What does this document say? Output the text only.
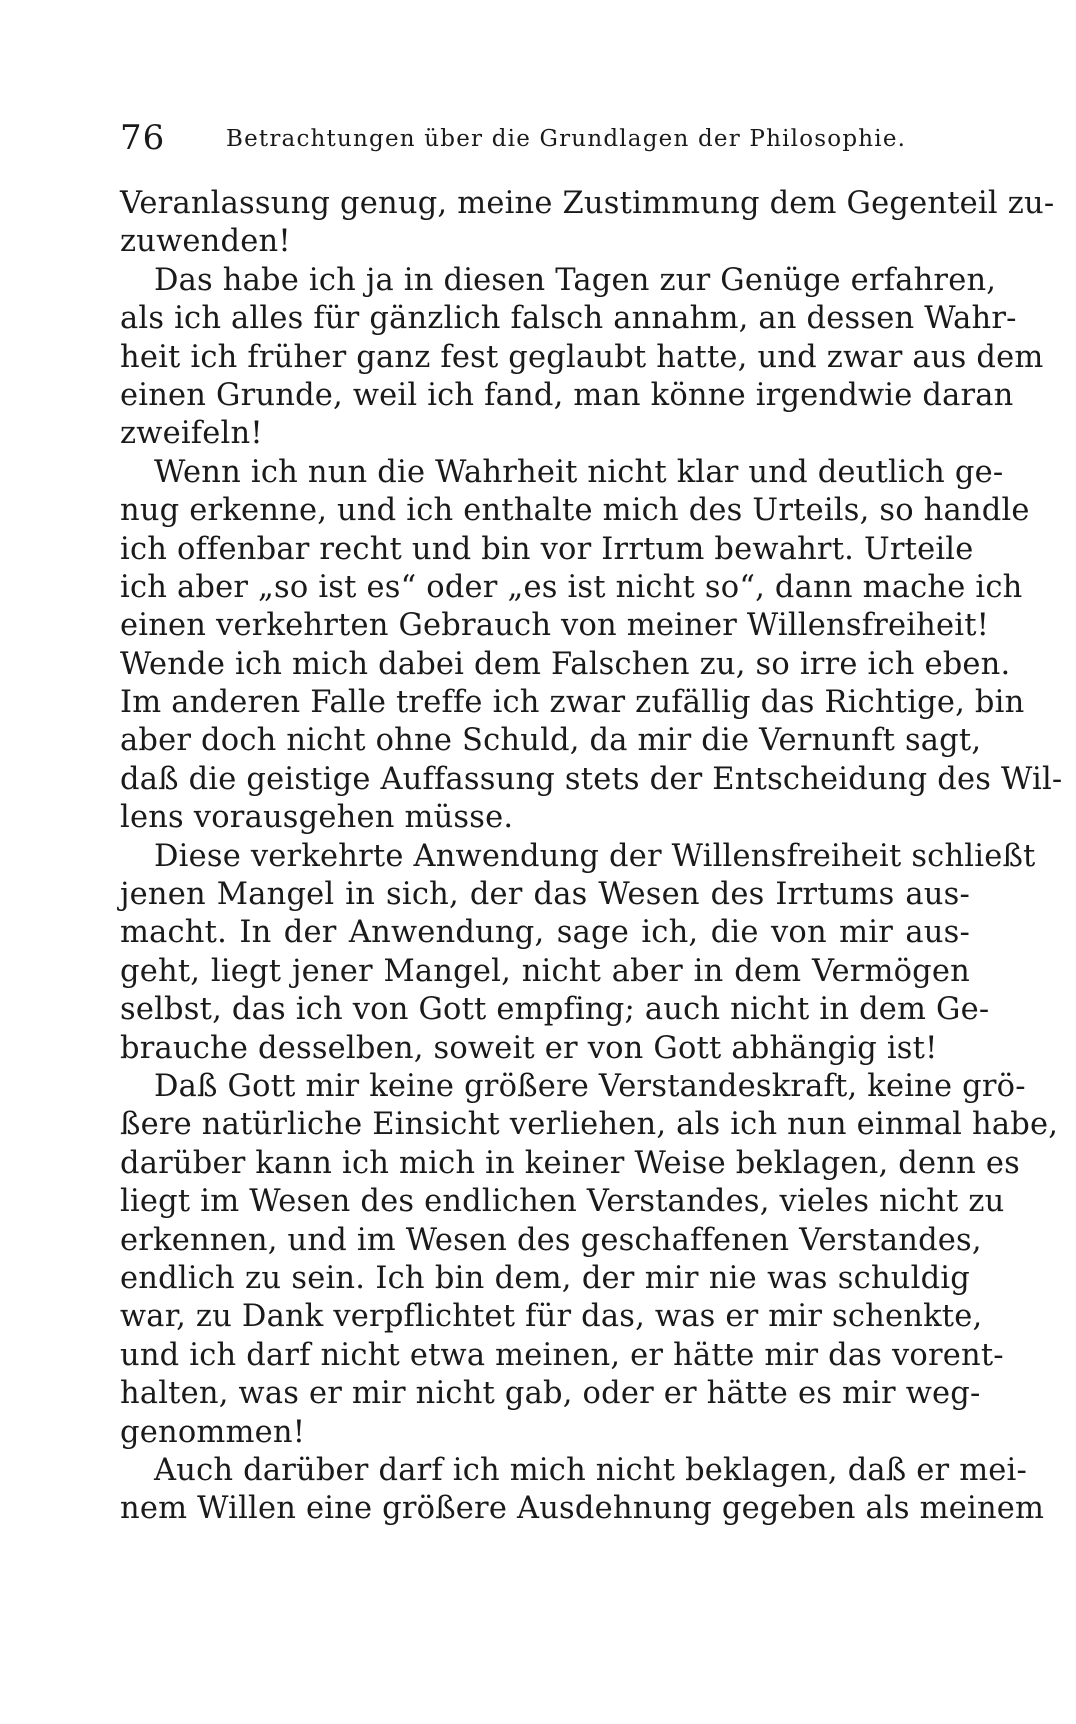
76	Betrachtungen über die Grundlagen der Philosophie.
Veranlassung genug, meine Zustimmung dem Gegenteil zu-
zuwenden!
Das habe ich ja in diesen Tagen zur Genüge erfahren,
als ich alles für gänzlich falsch annahm, an dessen Wahr-
heit ich früher ganz fest geglaubt hatte, und zwar aus dem
einen Grunde, weil ich fand, man könne irgendwie daran
zweifeln!
Wenn ich nun die Wahrheit nicht klar und deutlich ge-
nug erkenne, und ich enthalte mich des Urteils, so handle
ich offenbar recht und bin vor Irrtum bewahrt. Urteile
ich aber „so ist es“ oder „es ist nicht so“, dann mache ich
einen verkehrten Gebrauch von meiner Willensfreiheit!
Wende ich mich dabei dem Falschen zu, so irre ich eben.
Im anderen Falle treffe ich zwar zufällig das Richtige, bin
aber doch nicht ohne Schuld, da mir die Vernunft sagt,
daß die geistige Auffassung stets der Entscheidung des Wil-
lens vorausgehen müsse.
Diese verkehrte Anwendung der Willensfreiheit schließt
jenen Mangel in sich, der das Wesen des Irrtums aus-
macht. In der Anwendung, sage ich, die von mir aus-
geht, liegt jener Mangel, nicht aber in dem Vermögen
selbst, das ich von Gott empfing; auch nicht in dem Ge-
brauche desselben, soweit er von Gott abhängig ist!
Daß Gott mir keine größere Verstandeskraft, keine grö-
ßere natürliche Einsicht verliehen, als ich nun einmal habe,
darüber kann ich mich in keiner Weise beklagen, denn es
liegt im Wesen des endlichen Verstandes, vieles nicht zu
erkennen, und im Wesen des geschaffenen Verstandes,
endlich zu sein. Ich bin dem, der mir nie was schuldig
war, zu Dank verpflichtet für das, was er mir schenkte,
und ich darf nicht etwa meinen, er hätte mir das vorent-
halten, was er mir nicht gab, oder er hätte es mir weg-
genommen!
Auch darüber darf ich mich nicht beklagen, daß er mei-
nem Willen eine größere Ausdehnung gegeben als meinem
